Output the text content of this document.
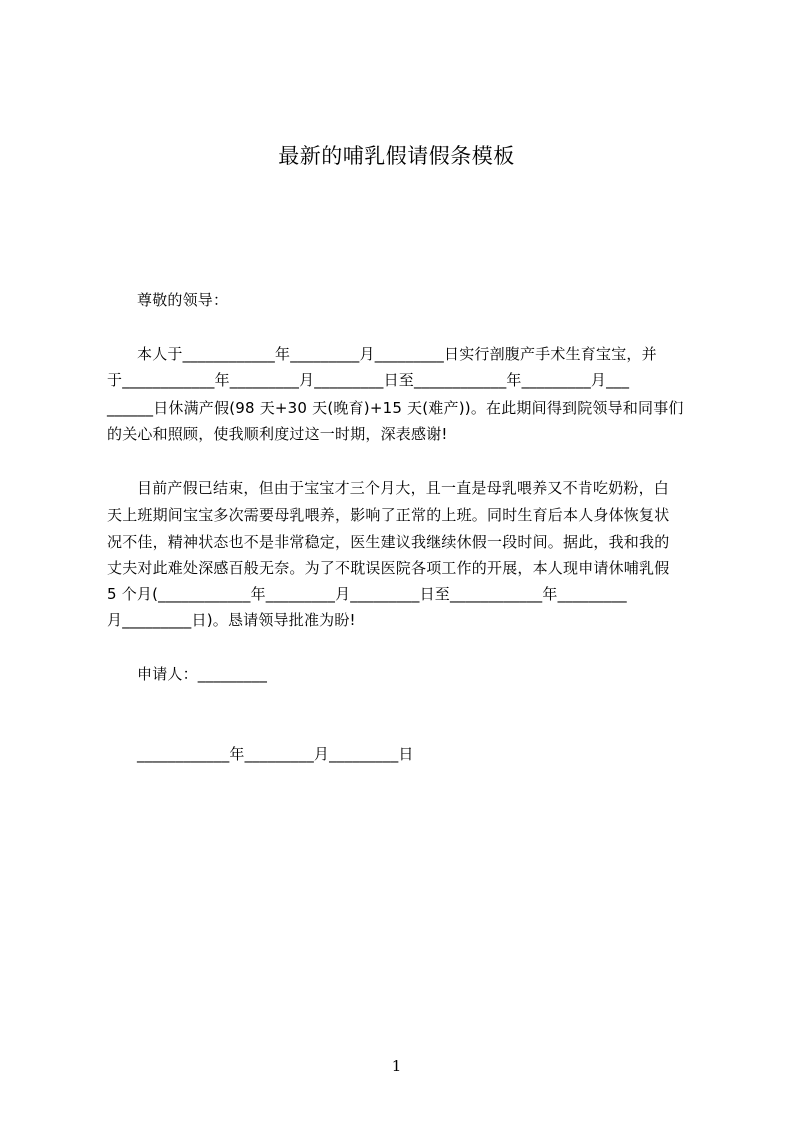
最新的哺乳假请假条模板
尊敬的领导：
本人于____________年_________月_________日实行剖腹产手术生育宝宝，并
于____________年_________月_________日至____________年_________月___
______日休满产假(98 天+30 天(晚育)+15 天(难产))。在此期间得到院领导和同事们
的关心和照顾，使我顺利度过这一时期，深表感谢!
目前产假已结束，但由于宝宝才三个月大，且一直是母乳喂养又不肯吃奶粉，白
天上班期间宝宝多次需要母乳喂养，影响了正常的上班。同时生育后本人身体恢复状
况不佳，精神状态也不是非常稳定，医生建议我继续休假一段时间。据此，我和我的
丈夫对此难处深感百般无奈。为了不耽误医院各项工作的开展，本人现申请休哺乳假
5 个月(____________年_________月_________日至____________年_________
月_________日)。恳请领导批准为盼!
申请人：_________
____________年_________月_________日
1
